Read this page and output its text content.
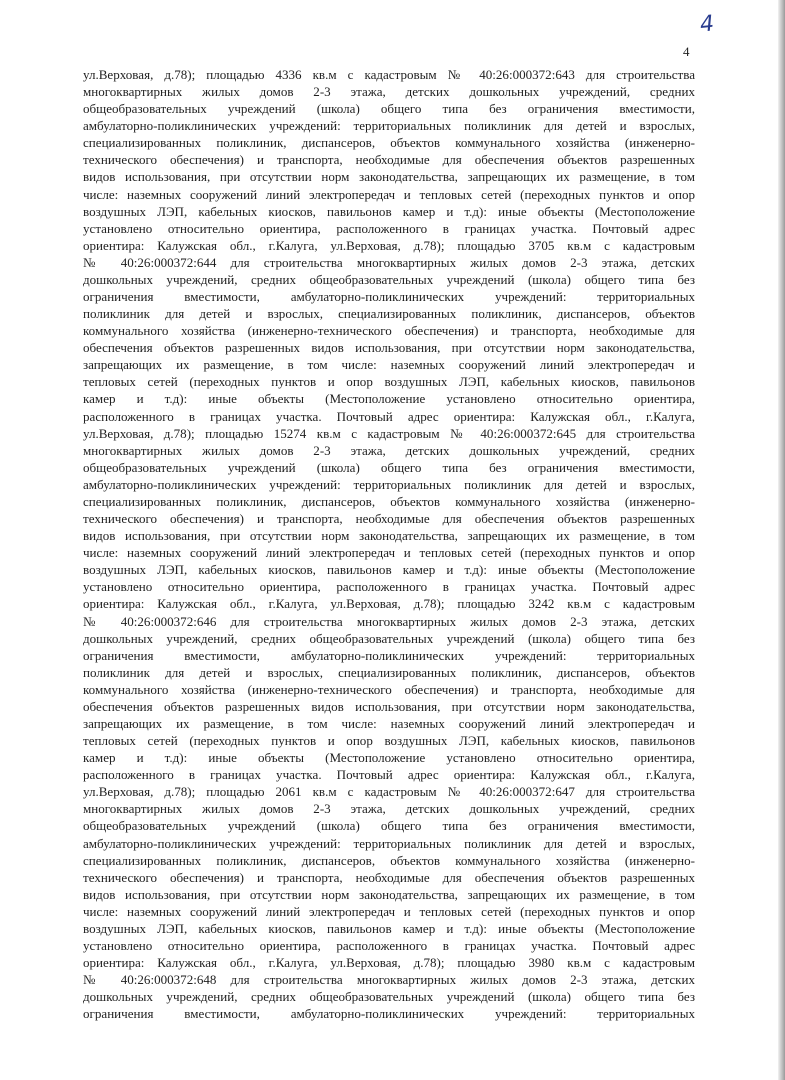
4
4

ул.Верховая, д.78); площадью 4336 кв.м с кадастровым № 40:26:000372:643 для строительства
многоквартирных жилых домов 2-3 этажа, детских дошкольных учреждений, средних
общеобразовательных учреждений (школа) общего типа без ограничения вместимости,
амбулаторно-поликлинических учреждений: территориальных поликлиник для детей и взрослых,
специализированных поликлиник, диспансеров, объектов коммунального хозяйства (инженерно-
технического обеспечения) и транспорта, необходимые для обеспечения объектов разрешенных
видов использования, при отсутствии норм законодательства, запрещающих их размещение, в том
числе: наземных сооружений линий электропередач и тепловых сетей (переходных пунктов и опор
воздушных ЛЭП, кабельных киосков, павильонов камер и т.д): иные объекты (Местоположение
установлено относительно ориентира, расположенного в границах участка. Почтовый адрес
ориентира: Калужская обл., г.Калуга, ул.Верховая, д.78); площадью 3705 кв.м с кадастровым
№ 40:26:000372:644 для строительства многоквартирных жилых домов 2-3 этажа, детских
дошкольных учреждений, средних общеобразовательных учреждений (школа) общего типа без
ограничения вместимости, амбулаторно-поликлинических учреждений: территориальных
поликлиник для детей и взрослых, специализированных поликлиник, диспансеров, объектов
коммунального хозяйства (инженерно-технического обеспечения) и транспорта, необходимые для
обеспечения объектов разрешенных видов использования, при отсутствии норм законодательства,
запрещающих их размещение, в том числе: наземных сооружений линий электропередач и
тепловых сетей (переходных пунктов и опор воздушных ЛЭП, кабельных киосков, павильонов
камер и т.д): иные объекты (Местоположение установлено относительно ориентира,
расположенного в границах участка. Почтовый адрес ориентира: Калужская обл., г.Калуга,
ул.Верховая, д.78); площадью 15274 кв.м с кадастровым № 40:26:000372:645 для строительства
многоквартирных жилых домов 2-3 этажа, детских дошкольных учреждений, средних
общеобразовательных учреждений (школа) общего типа без ограничения вместимости,
амбулаторно-поликлинических учреждений: территориальных поликлиник для детей и взрослых,
специализированных поликлиник, диспансеров, объектов коммунального хозяйства (инженерно-
технического обеспечения) и транспорта, необходимые для обеспечения объектов разрешенных
видов использования, при отсутствии норм законодательства, запрещающих их размещение, в том
числе: наземных сооружений линий электропередач и тепловых сетей (переходных пунктов и опор
воздушных ЛЭП, кабельных киосков, павильонов камер и т.д): иные объекты (Местоположение
установлено относительно ориентира, расположенного в границах участка. Почтовый адрес
ориентира: Калужская обл., г.Калуга, ул.Верховая, д.78); площадью 3242 кв.м с кадастровым
№ 40:26:000372:646 для строительства многоквартирных жилых домов 2-3 этажа, детских
дошкольных учреждений, средних общеобразовательных учреждений (школа) общего типа без
ограничения вместимости, амбулаторно-поликлинических учреждений: территориальных
поликлиник для детей и взрослых, специализированных поликлиник, диспансеров, объектов
коммунального хозяйства (инженерно-технического обеспечения) и транспорта, необходимые для
обеспечения объектов разрешенных видов использования, при отсутствии норм законодательства,
запрещающих их размещение, в том числе: наземных сооружений линий электропередач и
тепловых сетей (переходных пунктов и опор воздушных ЛЭП, кабельных киосков, павильонов
камер и т.д): иные объекты (Местоположение установлено относительно ориентира,
расположенного в границах участка. Почтовый адрес ориентира: Калужская обл., г.Калуга,
ул.Верховая, д.78); площадью 2061 кв.м с кадастровым № 40:26:000372:647 для строительства
многоквартирных жилых домов 2-3 этажа, детских дошкольных учреждений, средних
общеобразовательных учреждений (школа) общего типа без ограничения вместимости,
амбулаторно-поликлинических учреждений: территориальных поликлиник для детей и взрослых,
специализированных поликлиник, диспансеров, объектов коммунального хозяйства (инженерно-
технического обеспечения) и транспорта, необходимые для обеспечения объектов разрешенных
видов использования, при отсутствии норм законодательства, запрещающих их размещение, в том
числе: наземных сооружений линий электропередач и тепловых сетей (переходных пунктов и опор
воздушных ЛЭП, кабельных киосков, павильонов камер и т.д): иные объекты (Местоположение
установлено относительно ориентира, расположенного в границах участка. Почтовый адрес
ориентира: Калужская обл., г.Калуга, ул.Верховая, д.78); площадью 3980 кв.м с кадастровым
№ 40:26:000372:648 для строительства многоквартирных жилых домов 2-3 этажа, детских
дошкольных учреждений, средних общеобразовательных учреждений (школа) общего типа без
ограничения вместимости, амбулаторно-поликлинических учреждений: территориальных
